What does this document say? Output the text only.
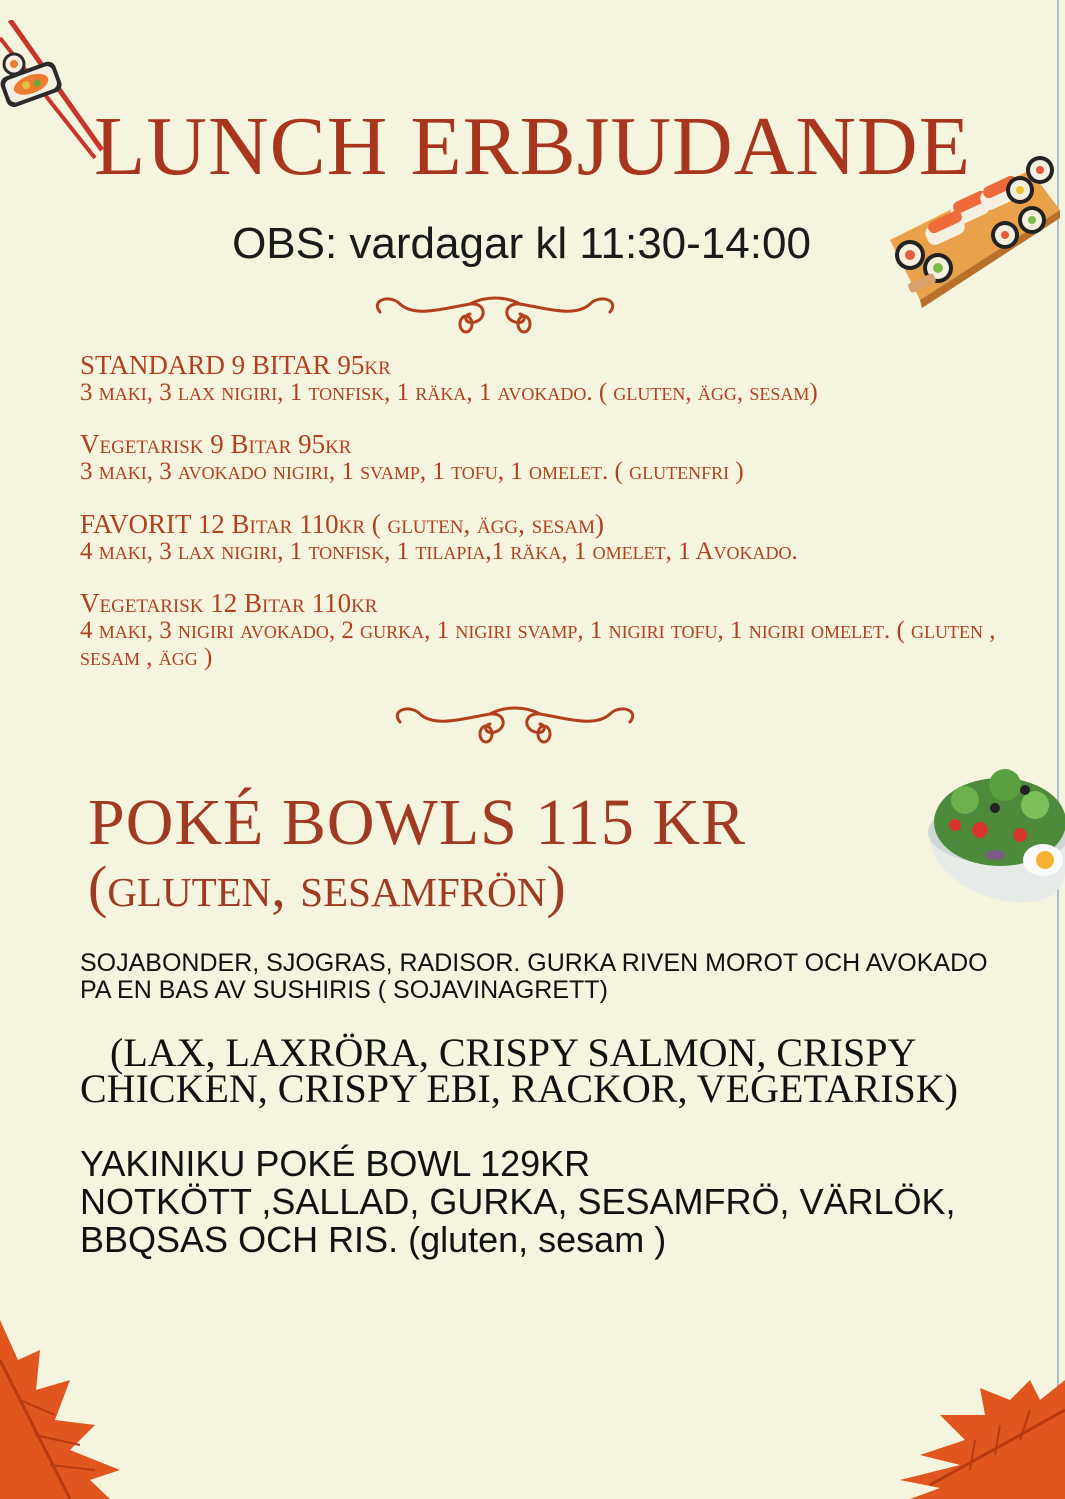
LUNCH ERBJUDANDE
OBS: vardagar kl 11:30-14:00
STANDARD 9 BITAR 95kr
3 maki, 3 lax nigiri, 1 tonfisk, 1 räka, 1 avokado. ( gluten, ägg, sesam)
Vegetarisk 9 Bitar 95kr
3 maki, 3 avokado nigiri, 1 svamp, 1 tofu, 1 omelet. ( glutenfri )
FAVORIT 12 Bitar 110kr ( gluten, ägg, sesam)
4 maki, 3 lax nigiri, 1 tonfisk, 1 tilapia,1 räka, 1 omelet, 1 Avokado.
Vegetarisk 12 Bitar 110kr
4 maki, 3 nigiri avokado, 2 gurka, 1 nigiri svamp, 1 nigiri tofu, 1 nigiri omelet. ( gluten , sesam , ägg )
POKÉ BOWLS 115 KR
(gluten, sesamfrön)
SOJABONDER, SJOGRAS, RADISOR. GURKA RIVEN MOROT OCH AVOKADO PA EN BAS AV SUSHIRIS ( SOJAVINAGRETT)
(LAX, LAXRÖRA, CRISPY SALMON, CRISPY CHICKEN, CRISPY EBI, RACKOR, VEGETARISK)
YAKINIKU POKÉ BOWL 129KR
NOTKÖTT ,SALLAD, GURKA, SESAMFRÖ, VÄRLÖK,
BBQSAS OCH RIS. (gluten, sesam )
